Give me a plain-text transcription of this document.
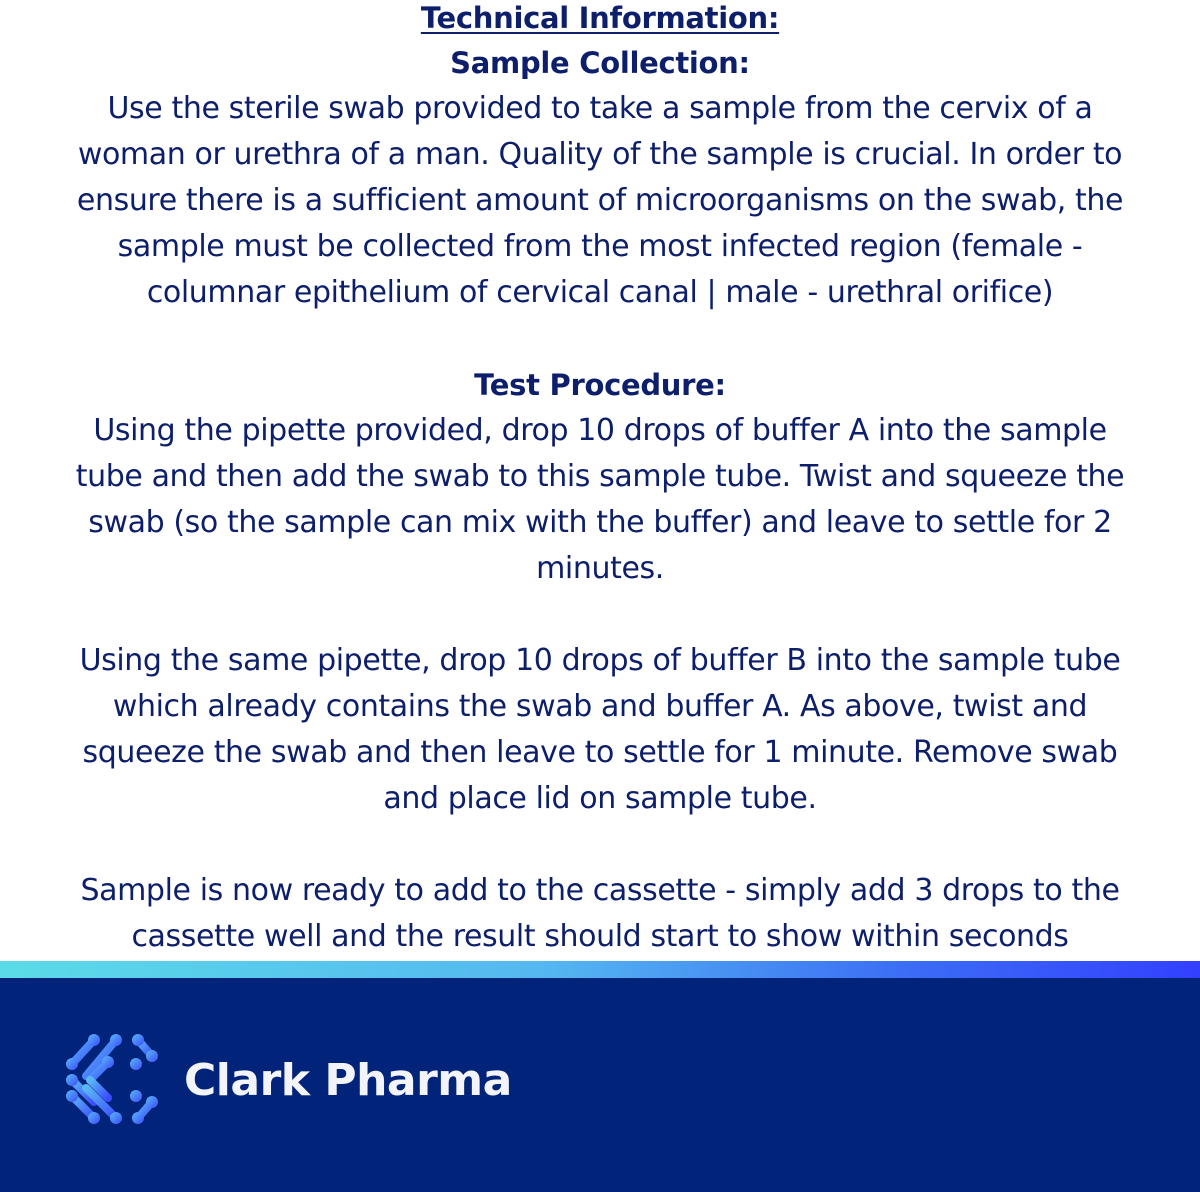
Technical Information:
Sample Collection:
Use the sterile swab provided to take a sample from the cervix of a
woman or urethra of a man. Quality of the sample is crucial. In order to
ensure there is a sufficient amount of microorganisms on the swab, the
sample must be collected from the most infected region (female -
columnar epithelium of cervical canal | male - urethral orifice)
Test Procedure:
Using the pipette provided, drop 10 drops of buffer A into the sample
tube and then add the swab to this sample tube. Twist and squeeze the
swab (so the sample can mix with the buffer) and leave to settle for 2
minutes.
Using the same pipette, drop 10 drops of buffer B into the sample tube
which already contains the swab and buffer A. As above, twist and
squeeze the swab and then leave to settle for 1 minute. Remove swab
and place lid on sample tube.
Sample is now ready to add to the cassette - simply add 3 drops to the
cassette well and the result should start to show within seconds
Clark Pharma
